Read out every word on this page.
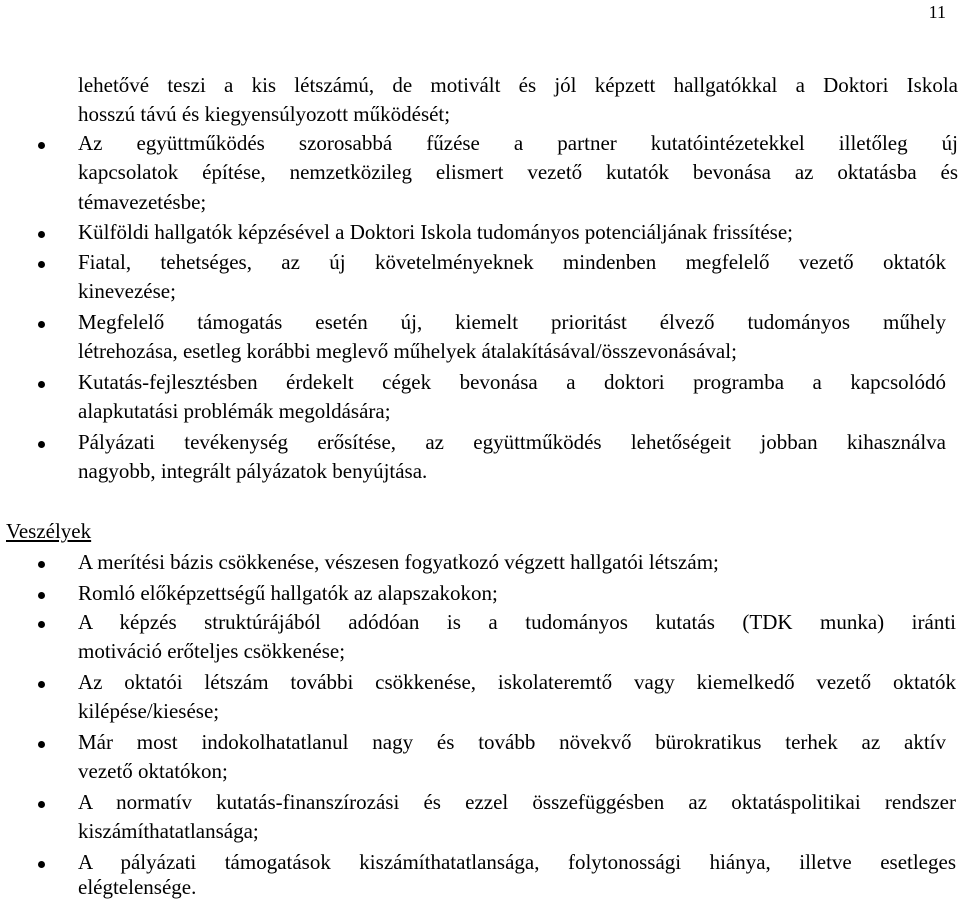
11
lehetővé teszi a kis létszámú, de motivált és jól képzett hallgatókkal a Doktori Iskola
hosszú távú és kiegyensúlyozott működését;
Az együttműködés szorosabbá fűzése a partner kutatóintézetekkel illetőleg új
kapcsolatok építése, nemzetközileg elismert vezető kutatók bevonása az oktatásba és
témavezetésbe;
Külföldi hallgatók képzésével a Doktori Iskola tudományos potenciáljának frissítése;
Fiatal, tehetséges, az új követelményeknek mindenben megfelelő vezető oktatók
kinevezése;
Megfelelő támogatás esetén új, kiemelt prioritást élvező tudományos műhely
létrehozása, esetleg korábbi meglevő műhelyek átalakításával/összevonásával;
Kutatás-fejlesztésben érdekelt cégek bevonása a doktori programba a kapcsolódó
alapkutatási problémák megoldására;
Pályázati tevékenység erősítése, az együttműködés lehetőségeit jobban kihasználva
nagyobb, integrált pályázatok benyújtása.
Veszélyek
A merítési bázis csökkenése, vészesen fogyatkozó végzett hallgatói létszám;
Romló előképzettségű hallgatók az alapszakokon;
A képzés struktúrájából adódóan is a tudományos kutatás (TDK munka) iránti
motiváció erőteljes csökkenése;
Az oktatói létszám további csökkenése, iskolateremtő vagy kiemelkedő vezető oktatók
kilépése/kiesése;
Már most indokolhatatlanul nagy és tovább növekvő bürokratikus terhek az aktív
vezető oktatókon;
A normatív kutatás-finanszírozási és ezzel összefüggésben az oktatáspolitikai rendszer
kiszámíthatatlansága;
A pályázati támogatások kiszámíthatatlansága, folytonossági hiánya, illetve esetleges
elégtelensége.
